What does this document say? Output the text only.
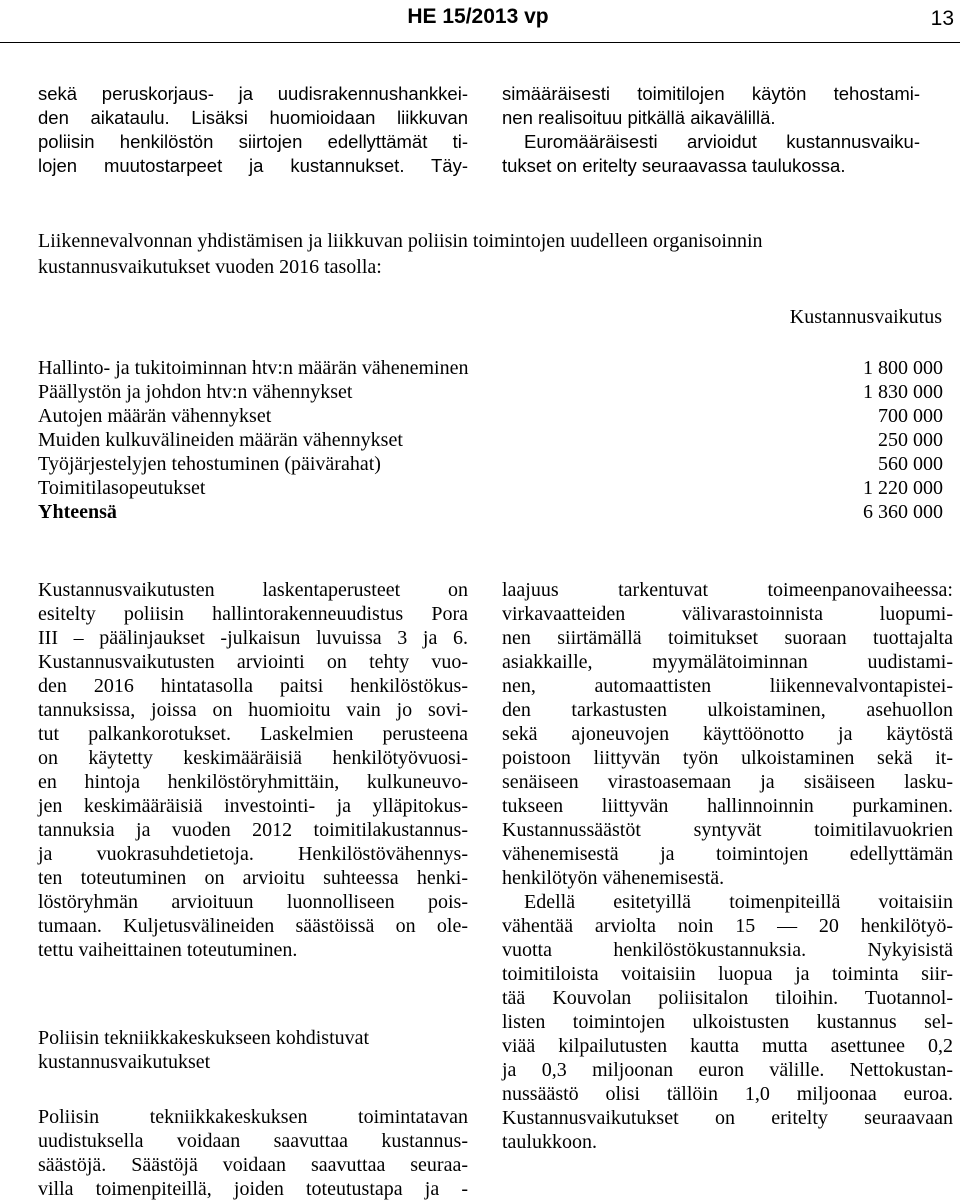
HE 15/2013 vp	13
sekä peruskorjaus- ja uudisrakennushankkei-
den aikataulu. Lisäksi huomioidaan liikkuvan
poliisin henkilöstön siirtojen edellyttämät ti-
lojen muutostarpeet ja kustannukset. Täy-
simääräisesti toimitilojen käytön tehostami-
nen realisoituu pitkällä aikavälillä.
Euromääräisesti arvioidut kustannusvaiku-
tukset on eritelty seuraavassa taulukossa.
Liikennevalvonnan yhdistämisen ja liikkuvan poliisin toimintojen uudelleen organisoinnin
kustannusvaikutukset vuoden 2016 tasolla:
Kustannusvaikutus
Hallinto- ja tukitoiminnan htv:n määrän väheneminen	1 800 000
Päällystön ja johdon htv:n vähennykset	1 830 000
Autojen määrän vähennykset	700 000
Muiden kulkuvälineiden määrän vähennykset	250 000
Työjärjestelyjen tehostuminen (päivärahat)	560 000
Toimitilasopeutukset	1 220 000
Yhteensä	6 360 000
Kustannusvaikutusten laskentaperusteet on
esitelty poliisin hallintorakenneuudistus Pora
III – päälinjaukset -julkaisun luvuissa 3 ja 6.
Kustannusvaikutusten arviointi on tehty vuo-
den 2016 hintatasolla paitsi henkilöstökus-
tannuksissa, joissa on huomioitu vain jo sovi-
tut palkankorotukset. Laskelmien perusteena
on käytetty keskimääräisiä henkilötyövuosi-
en hintoja henkilöstöryhmittäin, kulkuneuvo-
jen keskimääräisiä investointi- ja ylläpitokus-
tannuksia ja vuoden 2012 toimitilakustannus-
ja vuokrasuhdetietoja. Henkilöstövähennys-
ten toteutuminen on arvioitu suhteessa henki-
löstöryhmän arvioituun luonnolliseen pois-
tumaan. Kuljetusvälineiden säästöissä on ole-
tettu vaiheittainen toteutuminen.
Poliisin tekniikkakeskukseen kohdistuvat
kustannusvaikutukset
Poliisin tekniikkakeskuksen toimintatavan
uudistuksella voidaan saavuttaa kustannus-
säästöjä. Säästöjä voidaan saavuttaa seuraa-
villa toimenpiteillä, joiden toteutustapa ja -
laajuus tarkentuvat toimeenpanovaiheessa:
virkavaatteiden välivarastoinnista luopumi-
nen siirtämällä toimitukset suoraan tuottajalta
asiakkaille, myymälätoiminnan uudistami-
nen, automaattisten liikennevalvontapistei-
den tarkastusten ulkoistaminen, asehuollon
sekä ajoneuvojen käyttöönotto ja käytöstä
poistoon liittyvän työn ulkoistaminen sekä it-
senäiseen virastoasemaan ja sisäiseen lasku-
tukseen liittyvän hallinnoinnin purkaminen.
Kustannussäästöt syntyvät toimitilavuokrien
vähenemisestä ja toimintojen edellyttämän
henkilötyön vähenemisestä.
Edellä esitetyillä toimenpiteillä voitaisiin
vähentää arviolta noin 15 — 20 henkilötyö-
vuotta henkilöstökustannuksia. Nykyisistä
toimitiloista voitaisiin luopua ja toiminta siir-
tää Kouvolan poliisitalon tiloihin. Tuotannol-
listen toimintojen ulkoistusten kustannus sel-
viää kilpailutusten kautta mutta asettunee 0,2
ja 0,3 miljoonan euron välille. Nettokustan-
nussäästö olisi tällöin 1,0 miljoonaa euroa.
Kustannusvaikutukset on eritelty seuraavaan
taulukkoon.
